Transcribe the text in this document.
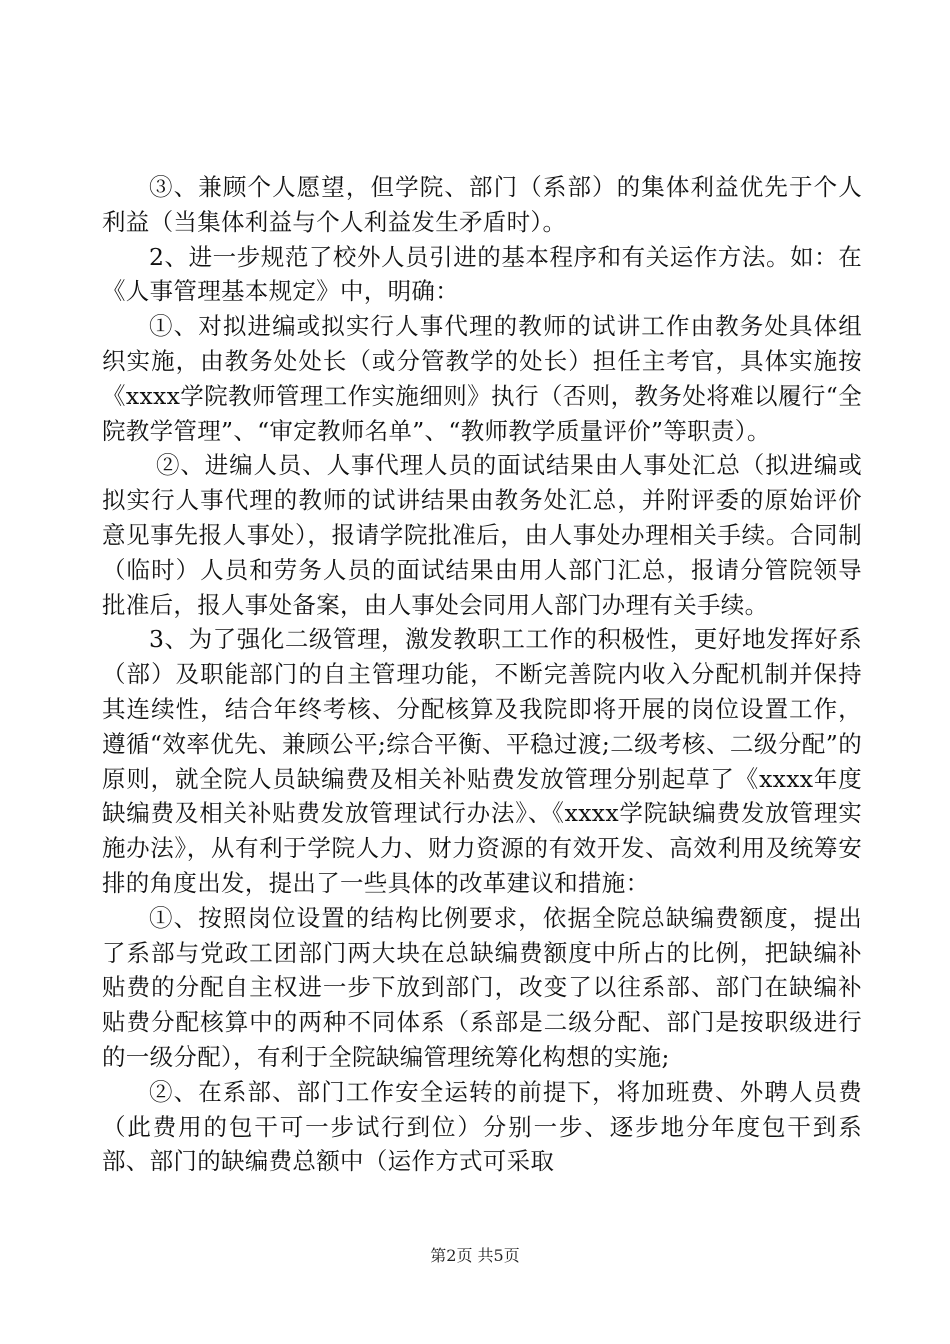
③、兼顾个人愿望，但学院、部门（系部）的集体利益优先于个人利益（当集体利益与个人利益发生矛盾时）。

2、进一步规范了校外人员引进的基本程序和有关运作方法。如：在《人事管理基本规定》中，明确：

①、对拟进编或拟实行人事代理的教师的试讲工作由教务处具体组织实施，由教务处处长（或分管教学的处长）担任主考官，具体实施按《xxxx学院教师管理工作实施细则》执行（否则，教务处将难以履行“全院教学管理”、“审定教师名单”、“教师教学质量评价”等职责）。

②、进编人员、人事代理人员的面试结果由人事处汇总（拟进编或拟实行人事代理的教师的试讲结果由教务处汇总，并附评委的原始评价意见事先报人事处），报请学院批准后，由人事处办理相关手续。合同制（临时）人员和劳务人员的面试结果由用人部门汇总，报请分管院领导批准后，报人事处备案，由人事处会同用人部门办理有关手续。

3、为了强化二级管理，激发教职工工作的积极性，更好地发挥好系（部）及职能部门的自主管理功能，不断完善院内收入分配机制并保持其连续性，结合年终考核、分配核算及我院即将开展的岗位设置工作，遵循“效率优先、兼顾公平;综合平衡、平稳过渡;二级考核、二级分配”的原则，就全院人员缺编费及相关补贴费发放管理分别起草了《xxxx年度缺编费及相关补贴费发放管理试行办法》、《xxxx学院缺编费发放管理实施办法》，从有利于学院人力、财力资源的有效开发、高效利用及统筹安排的角度出发，提出了一些具体的改革建议和措施：

①、按照岗位设置的结构比例要求，依据全院总缺编费额度，提出了系部与党政工团部门两大块在总缺编费额度中所占的比例，把缺编补贴费的分配自主权进一步下放到部门，改变了以往系部、部门在缺编补贴费分配核算中的两种不同体系（系部是二级分配、部门是按职级进行的一级分配），有利于全院缺编管理统筹化构想的实施;

②、在系部、部门工作安全运转的前提下，将加班费、外聘人员费（此费用的包干可一步试行到位）分别一步、逐步地分年度包干到系部、部门的缺编费总额中（运作方式可采取

第2页 共5页
